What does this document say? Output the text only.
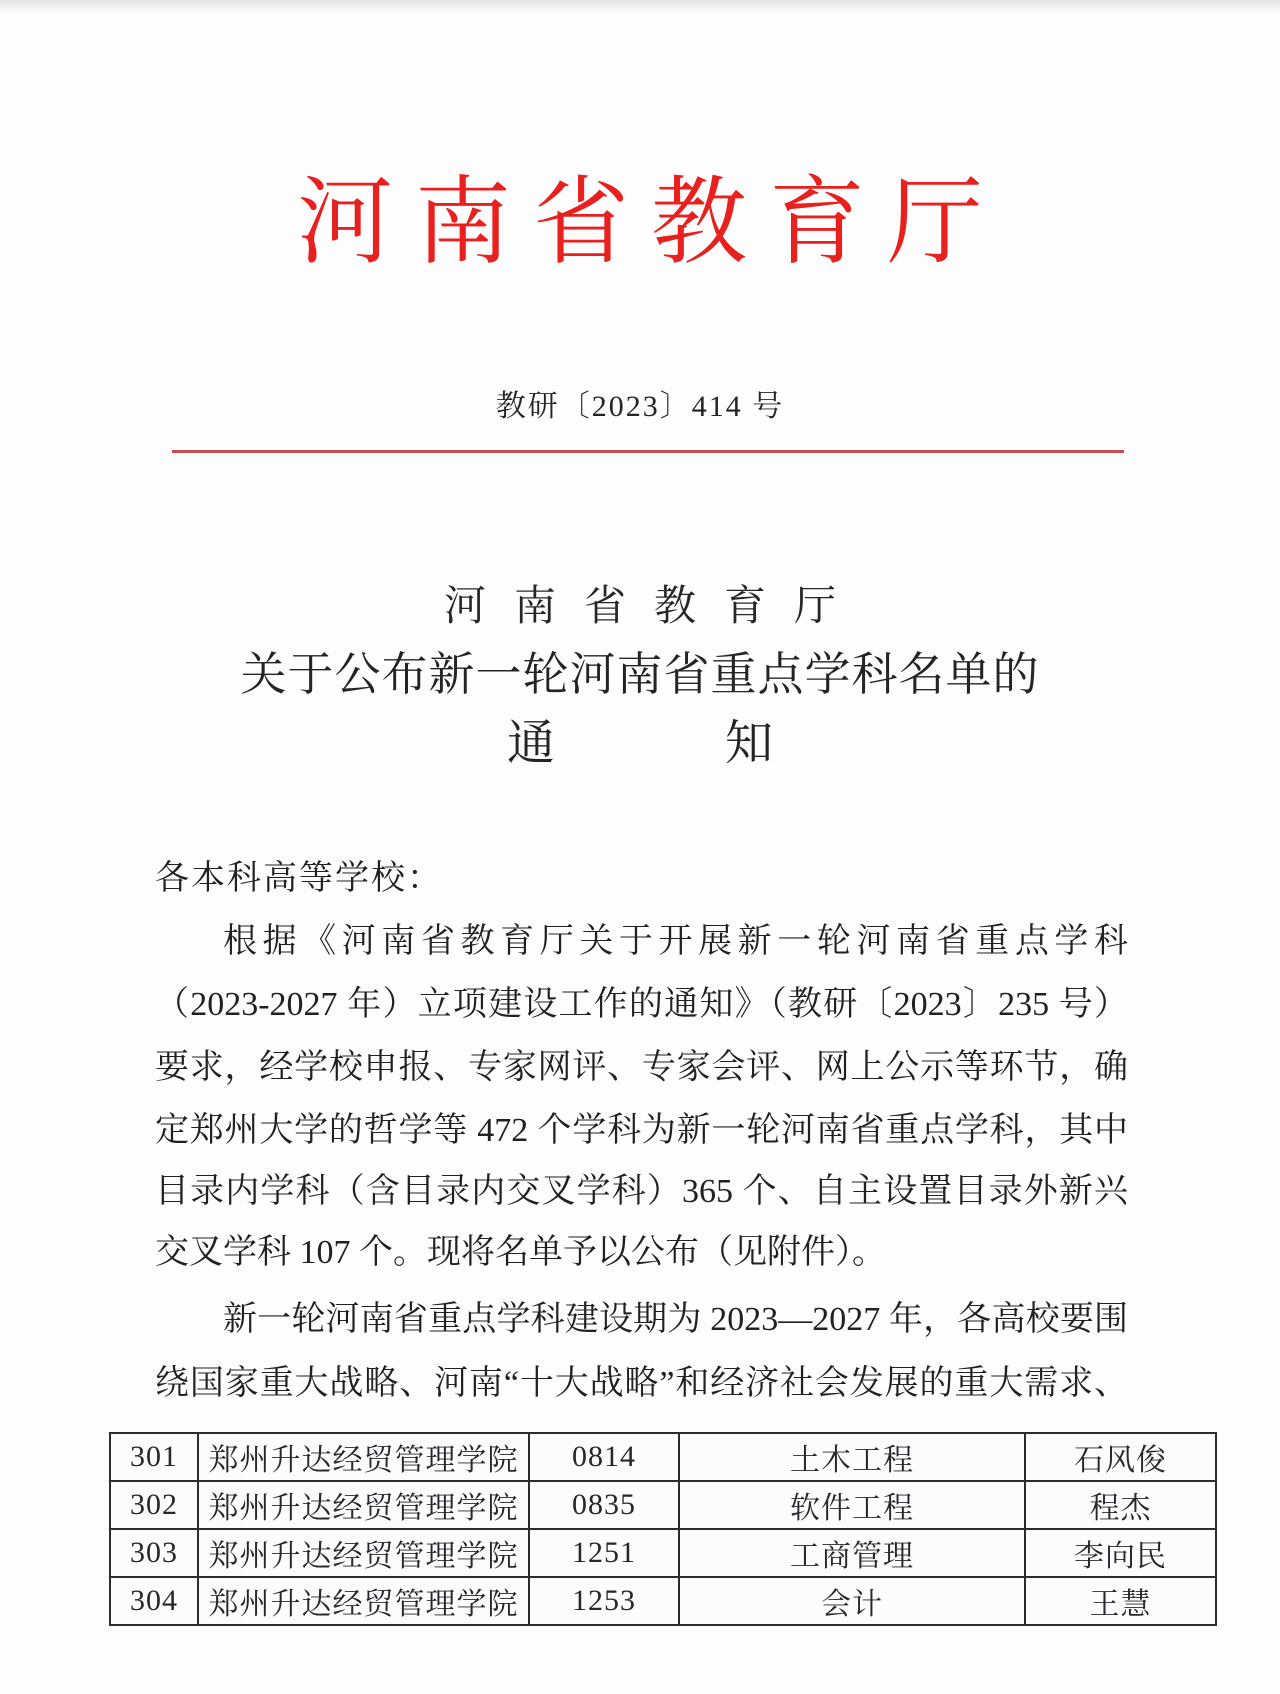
河南省教育厅
教研〔2023〕414 号
河南省教育厅
关于公布新一轮河南省重点学科名单的
通知
各本科高等学校：
根据《河南省教育厅关于开展新一轮河南省重点学科
（2023-2027 年）立项建设工作的通知》（教研〔2023〕235 号）
要求，经学校申报、专家网评、专家会评、网上公示等环节，确
定郑州大学的哲学等 472 个学科为新一轮河南省重点学科，其中
目录内学科（含目录内交叉学科）365 个、自主设置目录外新兴
交叉学科 107 个。现将名单予以公布（见附件）。
新一轮河南省重点学科建设期为 2023—2027 年，各高校要围
绕国家重大战略、河南“十大战略”和经济社会发展的重大需求、
301	郑州升达经贸管理学院	0814	土木工程	石风俊
302	郑州升达经贸管理学院	0835	软件工程	程杰
303	郑州升达经贸管理学院	1251	工商管理	李向民
304	郑州升达经贸管理学院	1253	会计	王慧
